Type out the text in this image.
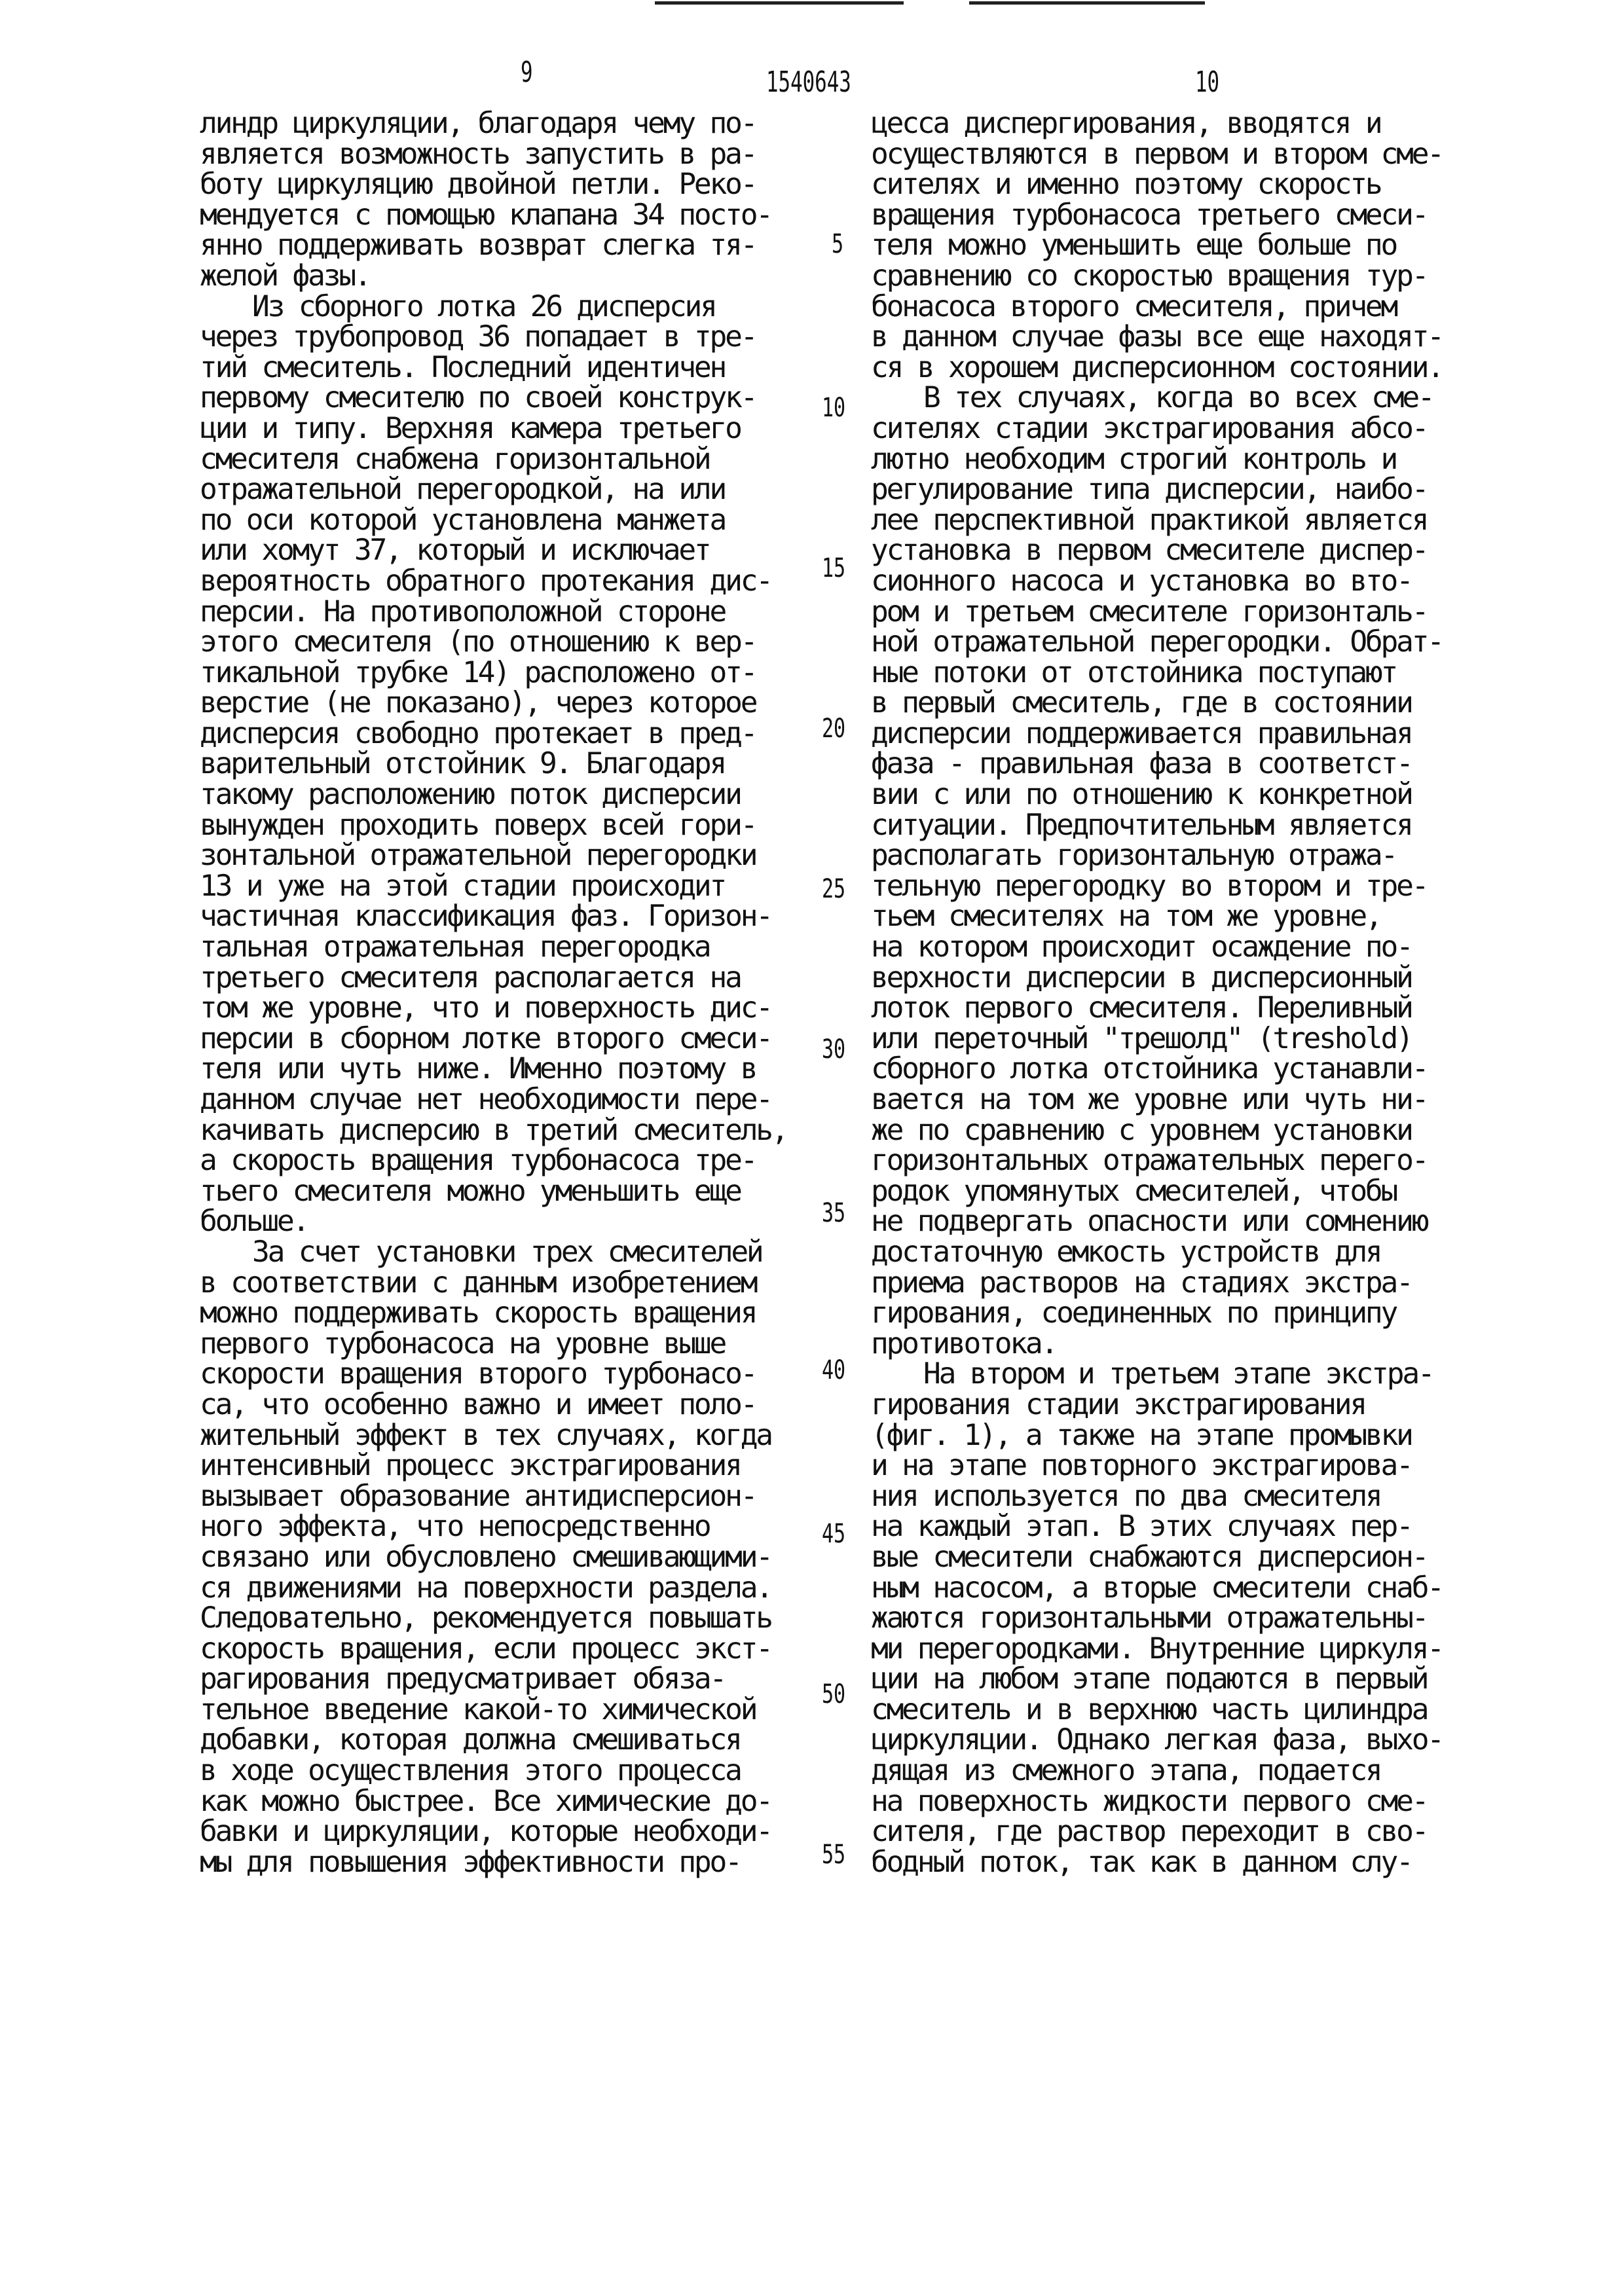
9	1540643	10
линдр циркуляции, благодаря чему по-
является возможность запустить в ра-
боту циркуляцию двойной петли. Реко-
мендуется с помощью клапана 34 посто-
янно поддерживать возврат слегка тя-
желой фазы.
Из сборного лотка 26 дисперсия
через трубопровод 36 попадает в тре-
тий смеситель. Последний идентичен
первому смесителю по своей конструк-
ции и типу. Верхняя камера третьего
смесителя снабжена горизонтальной
отражательной перегородкой, на или
по оси которой установлена манжета
или хомут 37, который и исключает
вероятность обратного протекания дис-
персии. На противоположной стороне
этого смесителя (по отношению к вер-
тикальной трубке 14) расположено от-
верстие (не показано), через которое
дисперсия свободно протекает в пред-
варительный отстойник 9. Благодаря
такому расположению поток дисперсии
вынужден проходить поверх всей гори-
зонтальной отражательной перегородки
13 и уже на этой стадии происходит
частичная классификация фаз. Горизон-
тальная отражательная перегородка
третьего смесителя располагается на
том же уровне, что и поверхность дис-
персии в сборном лотке второго смеси-
теля или чуть ниже. Именно поэтому в
данном случае нет необходимости пере-
качивать дисперсию в третий смеситель,
а скорость вращения турбонасоса тре-
тьего смесителя можно уменьшить еще
больше.
За счет установки трех смесителей
в соответствии с данным изобретением
можно поддерживать скорость вращения
первого турбонасоса на уровне выше
скорости вращения второго турбонасо-
са, что особенно важно и имеет поло-
жительный эффект в тех случаях, когда
интенсивный процесс экстрагирования
вызывает образование антидисперсион-
ного эффекта, что непосредственно
связано или обусловлено смешивающими-
ся движениями на поверхности раздела.
Следовательно, рекомендуется повышать
скорость вращения, если процесс экст-
рагирования предусматривает обяза-
тельное введение какой-то химической
добавки, которая должна смешиваться
в ходе осуществления этого процесса
как можно быстрее. Все химические до-
бавки и циркуляции, которые необходи-
мы для повышения эффективности про-
цесса диспергирования, вводятся и
осуществляются в первом и втором сме-
сителях и именно поэтому скорость
вращения турбонасоса третьего смеси-
теля можно уменьшить еще больше по
сравнению со скоростью вращения тур-
бонасоса второго смесителя, причем
в данном случае фазы все еще находят-
ся в хорошем дисперсионном состоянии.
В тех случаях, когда во всех сме-
сителях стадии экстрагирования абсо-
лютно необходим строгий контроль и
регулирование типа дисперсии, наибо-
лее перспективной практикой является
установка в первом смесителе диспер-
сионного насоса и установка во вто-
ром и третьем смесителе горизонталь-
ной отражательной перегородки. Обрат-
ные потоки от отстойника поступают
в первый смеситель, где в состоянии
дисперсии поддерживается правильная
фаза - правильная фаза в соответст-
вии с или по отношению к конкретной
ситуации. Предпочтительным является
располагать горизонтальную отража-
тельную перегородку во втором и тре-
тьем смесителях на том же уровне,
на котором происходит осаждение по-
верхности дисперсии в дисперсионный
лоток первого смесителя. Переливный
или переточный "трешолд" (treshold)
сборного лотка отстойника устанавли-
вается на том же уровне или чуть ни-
же по сравнению с уровнем установки
горизонтальных отражательных перего-
родок упомянутых смесителей, чтобы
не подвергать опасности или сомнению
достаточную емкость устройств для
приема растворов на стадиях экстра-
гирования, соединенных по принципу
противотока.
На втором и третьем этапе экстра-
гирования стадии экстрагирования
(фиг. 1), а также на этапе промывки
и на этапе повторного экстрагирова-
ния используется по два смесителя
на каждый этап. В этих случаях пер-
вые смесители снабжаются дисперсион-
ным насосом, а вторые смесители снаб-
жаются горизонтальными отражательны-
ми перегородками. Внутренние циркуля-
ции на любом этапе подаются в первый
смеситель и в верхнюю часть цилиндра
циркуляции. Однако легкая фаза, выхо-
дящая из смежного этапа, подается
на поверхность жидкости первого сме-
сителя, где раствор переходит в сво-
бодный поток, так как в данном слу-
5
10
15
20
25
30
35
40
45
50
55
